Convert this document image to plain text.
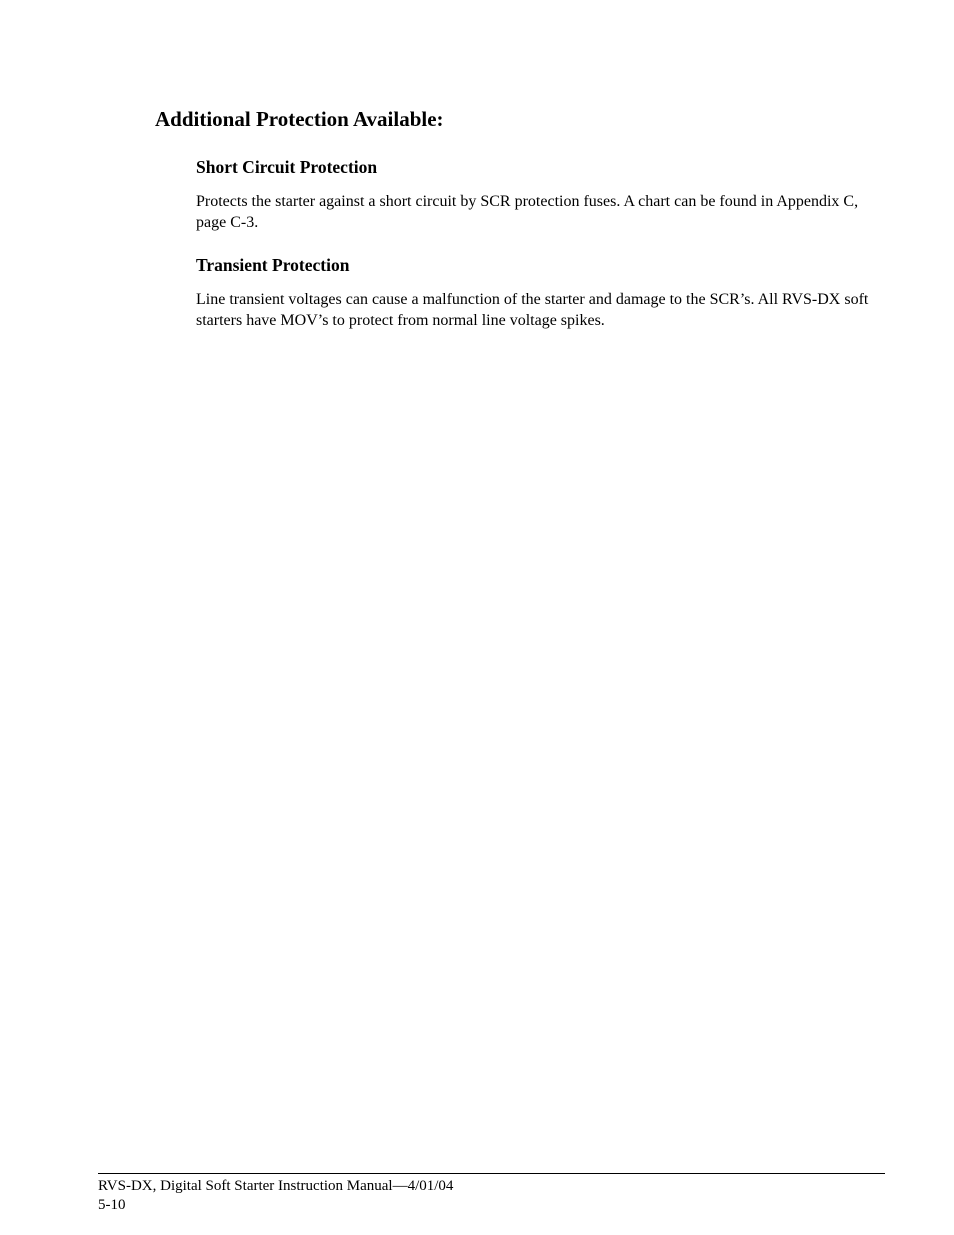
Additional Protection Available:
Short Circuit Protection

Protects the starter against a short circuit by SCR protection fuses. A chart can be found in Appendix C, page C-3.

Transient Protection

Line transient voltages can cause a malfunction of the starter and damage to the SCR’s. All RVS-DX soft starters have MOV’s to protect from normal line voltage spikes.

RVS-DX, Digital Soft Starter Instruction Manual—4/01/04

5-10
